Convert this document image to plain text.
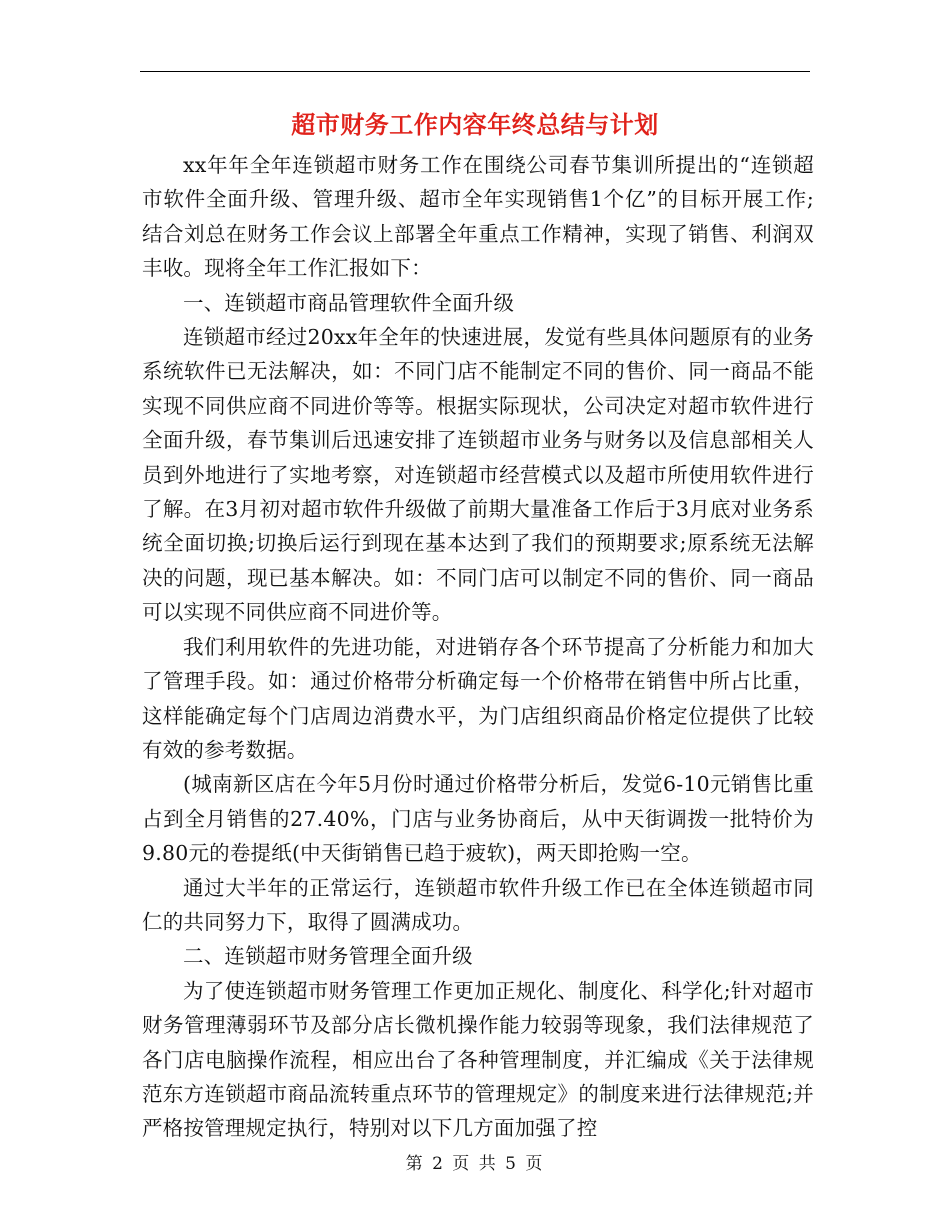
超市财务工作内容年终总结与计划

xx年年全年连锁超市财务工作在围绕公司春节集训所提出的“连锁超市软件全面升级、管理升级、超市全年实现销售1个亿”的目标开展工作;结合刘总在财务工作会议上部署全年重点工作精神，实现了销售、利润双丰收。现将全年工作汇报如下：

一、连锁超市商品管理软件全面升级

连锁超市经过20xx年全年的快速进展，发觉有些具体问题原有的业务系统软件已无法解决，如：不同门店不能制定不同的售价、同一商品不能实现不同供应商不同进价等等。根据实际现状，公司决定对超市软件进行全面升级，春节集训后迅速安排了连锁超市业务与财务以及信息部相关人员到外地进行了实地考察，对连锁超市经营模式以及超市所使用软件进行了解。在3月初对超市软件升级做了前期大量准备工作后于3月底对业务系统全面切换;切换后运行到现在基本达到了我们的预期要求;原系统无法解决的问题，现已基本解决。如：不同门店可以制定不同的售价、同一商品可以实现不同供应商不同进价等。

我们利用软件的先进功能，对进销存各个环节提高了分析能力和加大了管理手段。如：通过价格带分析确定每一个价格带在销售中所占比重，这样能确定每个门店周边消费水平，为门店组织商品价格定位提供了比较有效的参考数据。

(城南新区店在今年5月份时通过价格带分析后，发觉6-10元销售比重占到全月销售的27.40%，门店与业务协商后，从中天街调拨一批特价为9.80元的卷提纸(中天街销售已趋于疲软)，两天即抢购一空。

通过大半年的正常运行，连锁超市软件升级工作已在全体连锁超市同仁的共同努力下，取得了圆满成功。

二、连锁超市财务管理全面升级

为了使连锁超市财务管理工作更加正规化、制度化、科学化;针对超市财务管理薄弱环节及部分店长微机操作能力较弱等现象，我们法律规范了各门店电脑操作流程，相应出台了各种管理制度，并汇编成《关于法律规范东方连锁超市商品流转重点环节的管理规定》的制度来进行法律规范;并严格按管理规定执行，特别对以下几方面加强了控

第 2 页 共 5 页
